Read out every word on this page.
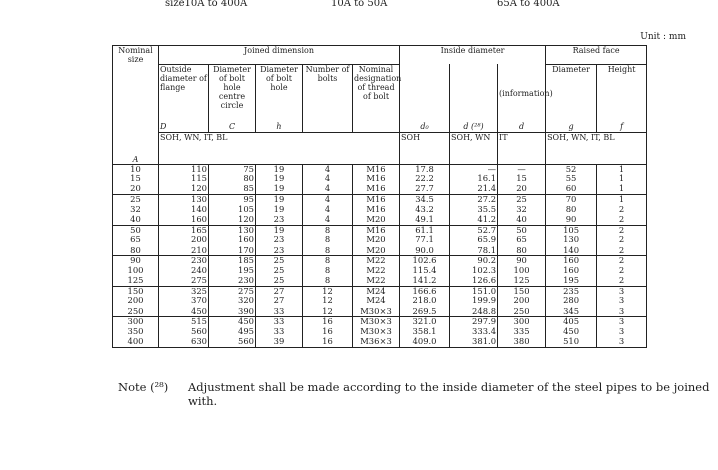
size10A to 400A	10A to 50A	65A to 400A
Unit : mm
Nominal size	Joined dimension					Inside diameter			Raised face	
	Outside diameter of flange	Diameter of bolt hole centre circle	Diameter of bolt hole	Number of bolts	Nominal designation of thread of bolt			(information)	Diameter	Height
	D	C	h			d₀	d (²⁸)	d	g	f
A	SOH, WN, IT, BL					SOH	SOH, WN	IT	SOH, WN, IT, BL	
10	110	75	19	4	M16	17.8	—	—	52	1
15	115	80	19	4	M16	22.2	16.1	15	55	1
20	120	85	19	4	M16	27.7	21.4	20	60	1
25	130	95	19	4	M16	34.5	27.2	25	70	1
32	140	105	19	4	M16	43.2	35.5	32	80	2
40	160	120	23	4	M20	49.1	41.2	40	90	2
50	165	130	19	8	M16	61.1	52.7	50	105	2
65	200	160	23	8	M20	77.1	65.9	65	130	2
80	210	170	23	8	M20	90.0	78.1	80	140	2
90	230	185	25	8	M22	102.6	90.2	90	160	2
100	240	195	25	8	M22	115.4	102.3	100	160	2
125	275	230	25	8	M22	141.2	126.6	125	195	2
150	325	275	27	12	M24	166.6	151.0	150	235	3
200	370	320	27	12	M24	218.0	199.9	200	280	3
250	450	390	33	12	M30×3	269.5	248.8	250	345	3
300	515	450	33	16	M30×3	321.0	297.9	300	405	3
350	560	495	33	16	M30×3	358.1	333.4	335	450	3
400	630	560	39	16	M36×3	409.0	381.0	380	510	3
Note (²⁸) Adjustment shall be made according to the inside diameter of the steel pipes to be joined with.
